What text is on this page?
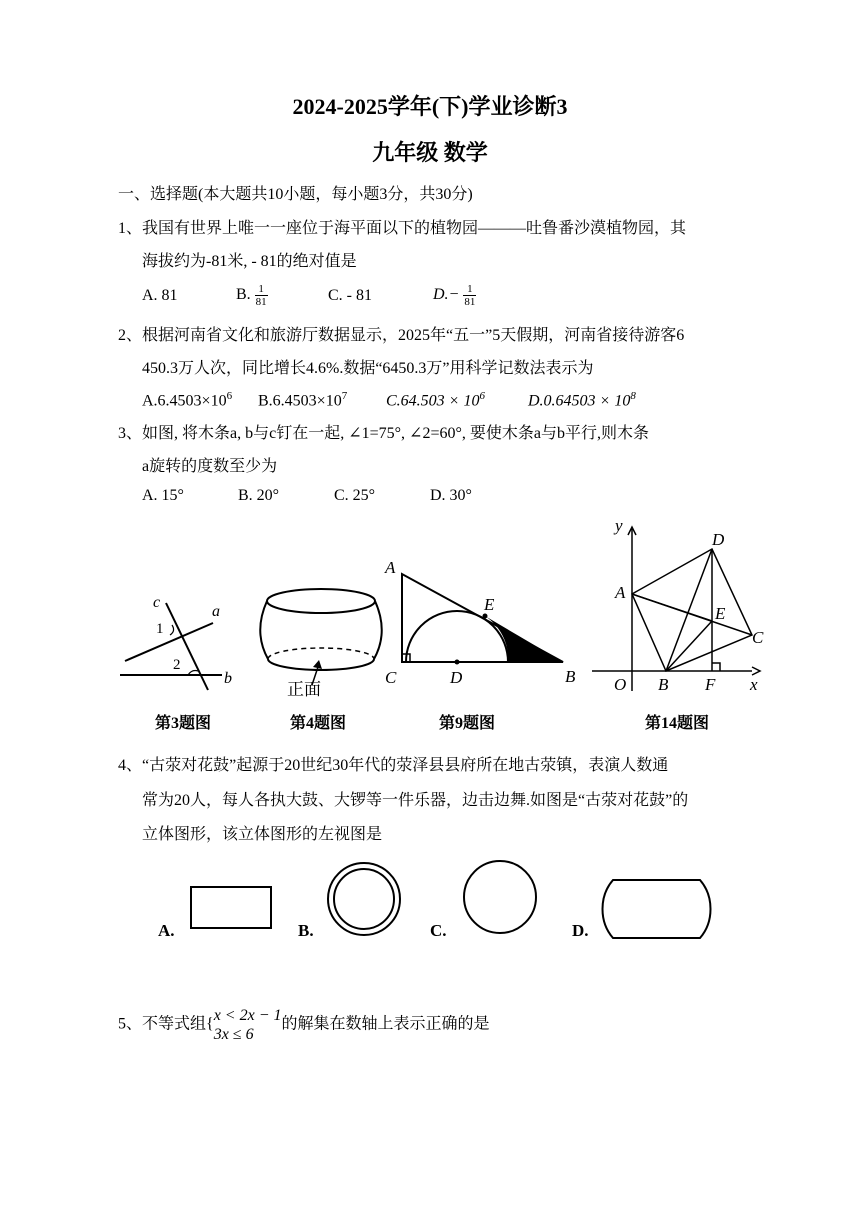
2024-2025学年(下)学业诊断3
九年级 数学
一、选择题(本大题共10小题，每小题3分，共30分)
1、我国有世界上唯一一座位于海平面以下的植物园———吐鲁番沙漠植物园，其
海拔约为-81米, - 81的绝对值是
A. 81	B. $\frac{1}{81}$	C. - 81	$D.- \frac{1}{81}$
2、根据河南省文化和旅游厅数据显示，2025年“五一”5天假期，河南省接待游客6
450.3万人次，同比增长4.6%.数据“6450.3万”用科学记数法表示为
$A.6.4503\times 10^6$ $B.6.4503\times 10^7$ $C.64.503 \times 10^6$	$D.0.64503 \times 10^8$
3、如图, 将木条a, b与c钉在一起, ∠1=75°, ∠2=60°, 要使木条a与b平行,则木条
a旋转的度数至少为
A. 15°	B. 20°	C. 25°	D. 30°
c
a
b
1
2
第3题图
正面
第4题图
A
E
C	D	B
第9题图
y
D
A
E
C
O B F x
第14题图
4、“古荥对花鼓”起源于20世纪30年代的荥泽县县府所在地古荥镇，表演人数通
常为20人，每人各执大鼓、大锣等一件乐器，边击边舞.如图是“古荥对花鼓”的
立体图形，该立体图形的左视图是
A.	B.	C.	D.
5、不等式组{
x < 2x − 1
3x ≤ 6
的解集在数轴上表示正确的是
